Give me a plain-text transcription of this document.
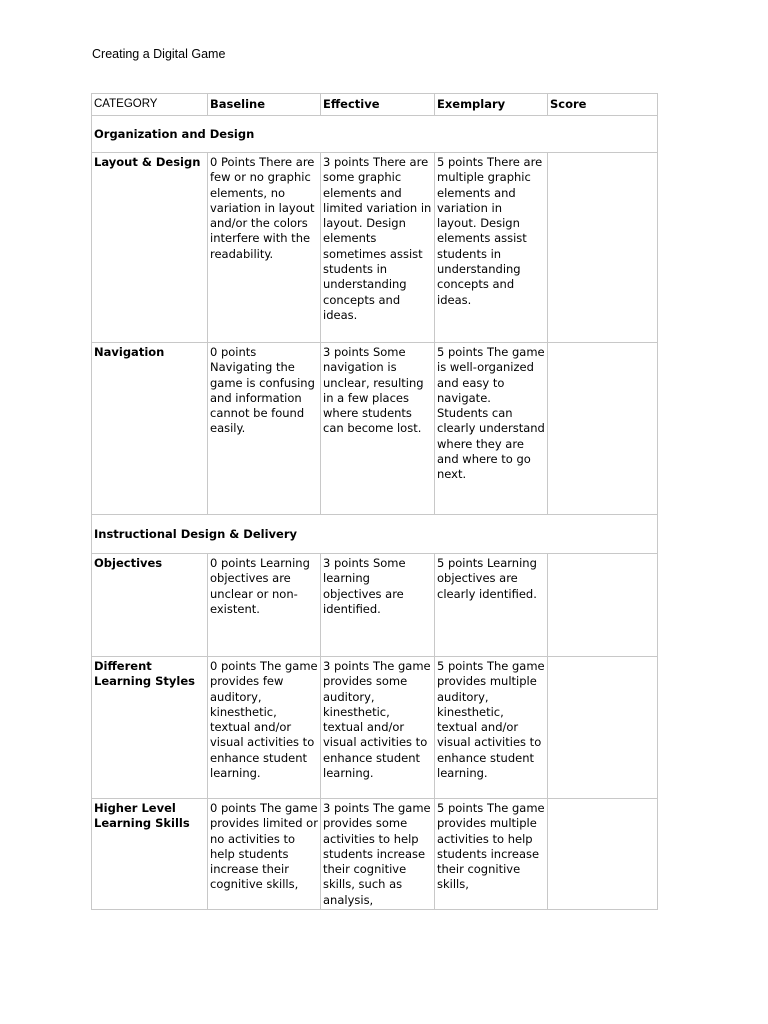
Creating a Digital Game
CATEGORY	Baseline	Effective	Exemplary	Score
Organization and Design				
Layout & Design	0 Points There are few or no graphic elements, no variation in layout and/or the colors interfere with the readability.	3 points There are some graphic elements and limited variation in layout. Design elements sometimes assist students in understanding concepts and ideas.	5 points There are multiple graphic elements and variation in layout. Design elements assist students in understanding concepts and ideas.	
Navigation	0 points Navigating the game is confusing and information cannot be found easily.	3 points Some navigation is unclear, resulting in a few places where students can become lost.	5 points The game is well-organized and easy to navigate. Students can clearly understand where they are and where to go next.	
Instructional Design & Delivery				
Objectives	0 points Learning objectives are unclear or non-existent.	3 points Some learning objectives are identified.	5 points Learning objectives are clearly identified.	
Different Learning Styles	0 points The game provides few auditory, kinesthetic, textual and/or visual activities to enhance student learning.	3 points The game provides some auditory, kinesthetic, textual and/or visual activities to enhance student learning.	5 points The game provides multiple auditory, kinesthetic, textual and/or visual activities to enhance student learning.	

Higher Level Learning Skills	0 points The game provides limited or no activities to help students increase their cognitive skills,	3 points The game provides some activities to help students increase their cognitive skills, such as analysis,	5 points The game provides multiple activities to help students increase their cognitive skills,	
